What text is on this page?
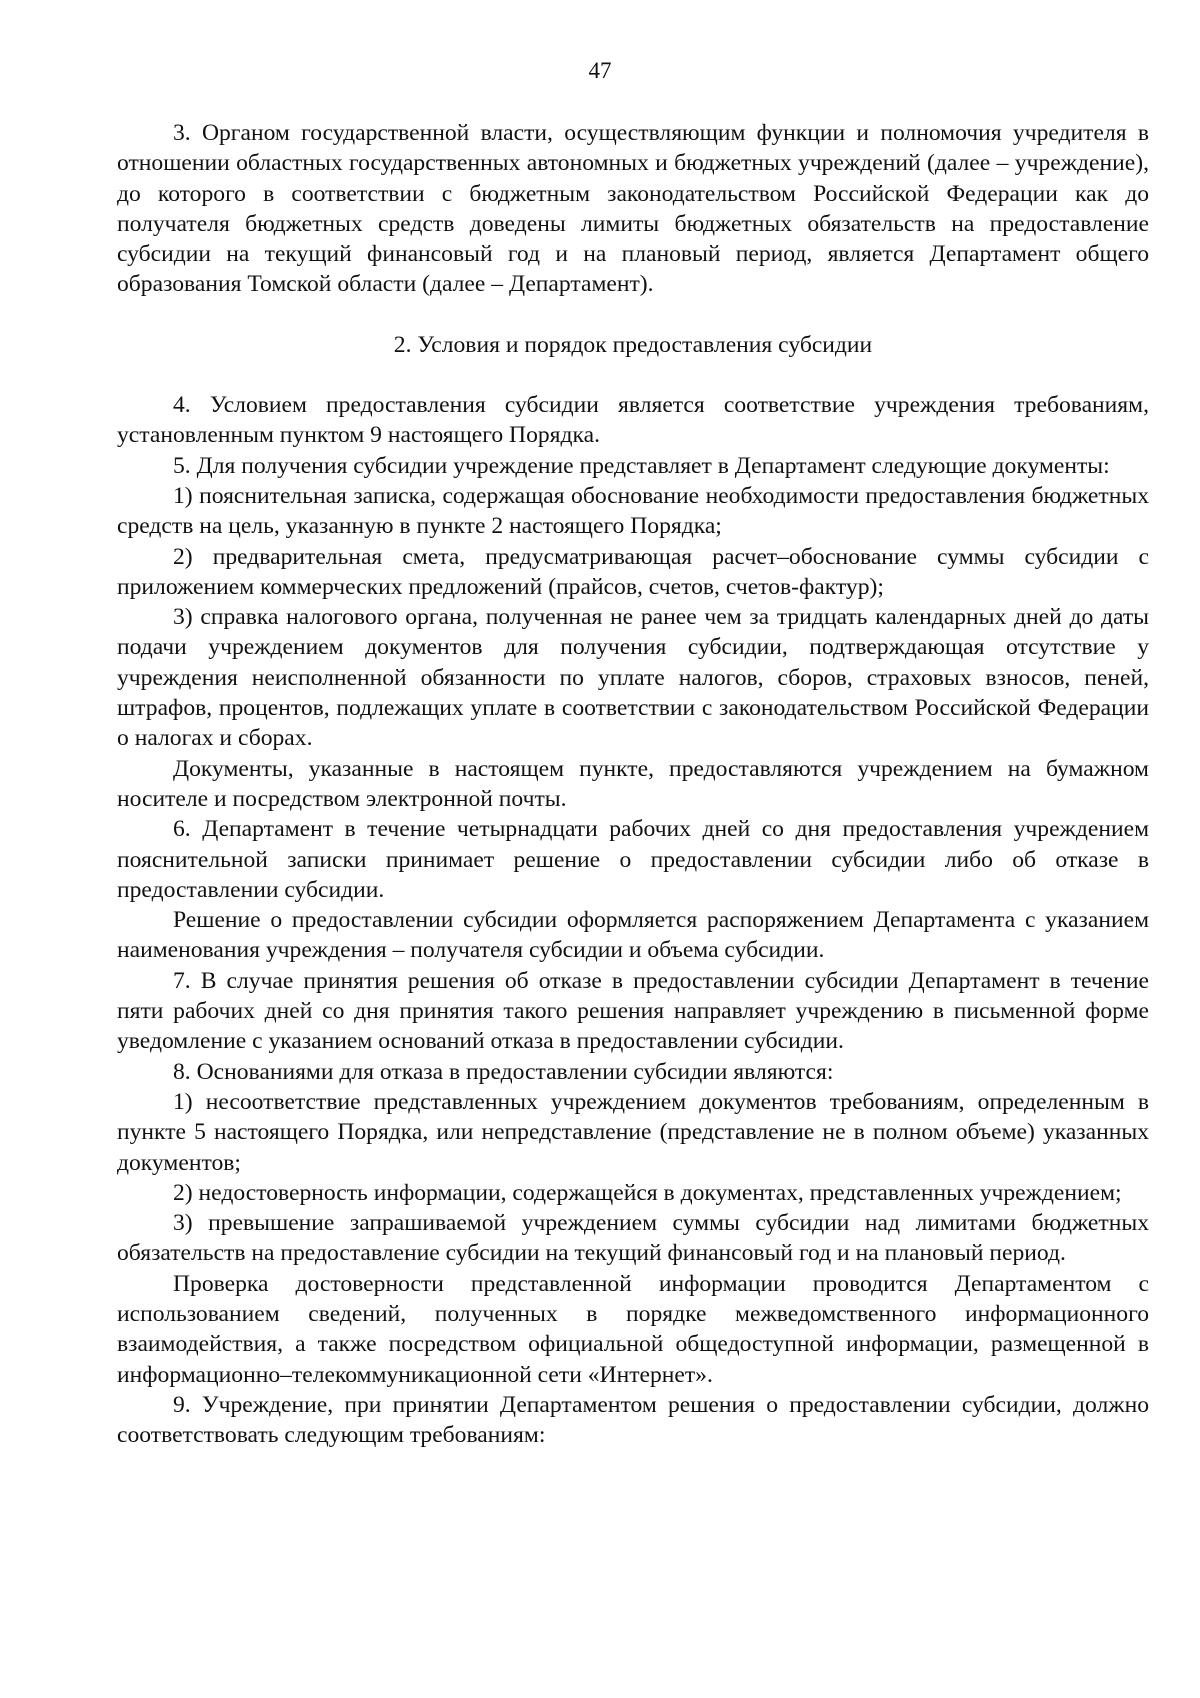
47

3. Органом государственной власти, осуществляющим функции и полномочия учредителя в отношении областных государственных автономных и бюджетных учреждений (далее – учреждение), до которого в соответствии с бюджетным законодательством Российской Федерации как до получателя бюджетных средств доведены лимиты бюджетных обязательств на предоставление субсидии на текущий финансовый год и на плановый период, является Департамент общего образования Томской области (далее – Департамент).

2. Условия и порядок предоставления субсидии

4. Условием предоставления субсидии является соответствие учреждения требованиям, установленным пунктом 9 настоящего Порядка.

5. Для получения субсидии учреждение представляет в Департамент следующие документы:

1) пояснительная записка, содержащая обоснование необходимости предоставления бюджетных средств на цель, указанную в пункте 2 настоящего Порядка;

2) предварительная смета, предусматривающая расчет–обоснование суммы субсидии с приложением коммерческих предложений (прайсов, счетов, счетов-фактур);

3) справка налогового органа, полученная не ранее чем за тридцать календарных дней до даты подачи учреждением документов для получения субсидии, подтверждающая отсутствие у учреждения неисполненной обязанности по уплате налогов, сборов, страховых взносов, пеней, штрафов, процентов, подлежащих уплате в соответствии с законодательством Российской Федерации о налогах и сборах.

Документы, указанные в настоящем пункте, предоставляются учреждением на бумажном носителе и посредством электронной почты.

6. Департамент в течение четырнадцати рабочих дней со дня предоставления учреждением пояснительной записки принимает решение о предоставлении субсидии либо об отказе в предоставлении субсидии.

Решение о предоставлении субсидии оформляется распоряжением Департамента с указанием наименования учреждения – получателя субсидии и объема субсидии.

7. В случае принятия решения об отказе в предоставлении субсидии Департамент в течение пяти рабочих дней со дня принятия такого решения направляет учреждению в письменной форме уведомление с указанием оснований отказа в предоставлении субсидии.

8. Основаниями для отказа в предоставлении субсидии являются:

1) несоответствие представленных учреждением документов требованиям, определенным в пункте 5 настоящего Порядка, или непредставление (представление не в полном объеме) указанных документов;

2) недостоверность информации, содержащейся в документах, представленных учреждением;

3) превышение запрашиваемой учреждением суммы субсидии над лимитами бюджетных обязательств на предоставление субсидии на текущий финансовый год и на плановый период.

Проверка достоверности представленной информации проводится Департаментом с использованием сведений, полученных в порядке межведомственного информационного взаимодействия, а также посредством официальной общедоступной информации, размещенной в информационно–телекоммуникационной сети «Интернет».

9. Учреждение, при принятии Департаментом решения о предоставлении субсидии, должно соответствовать следующим требованиям:
